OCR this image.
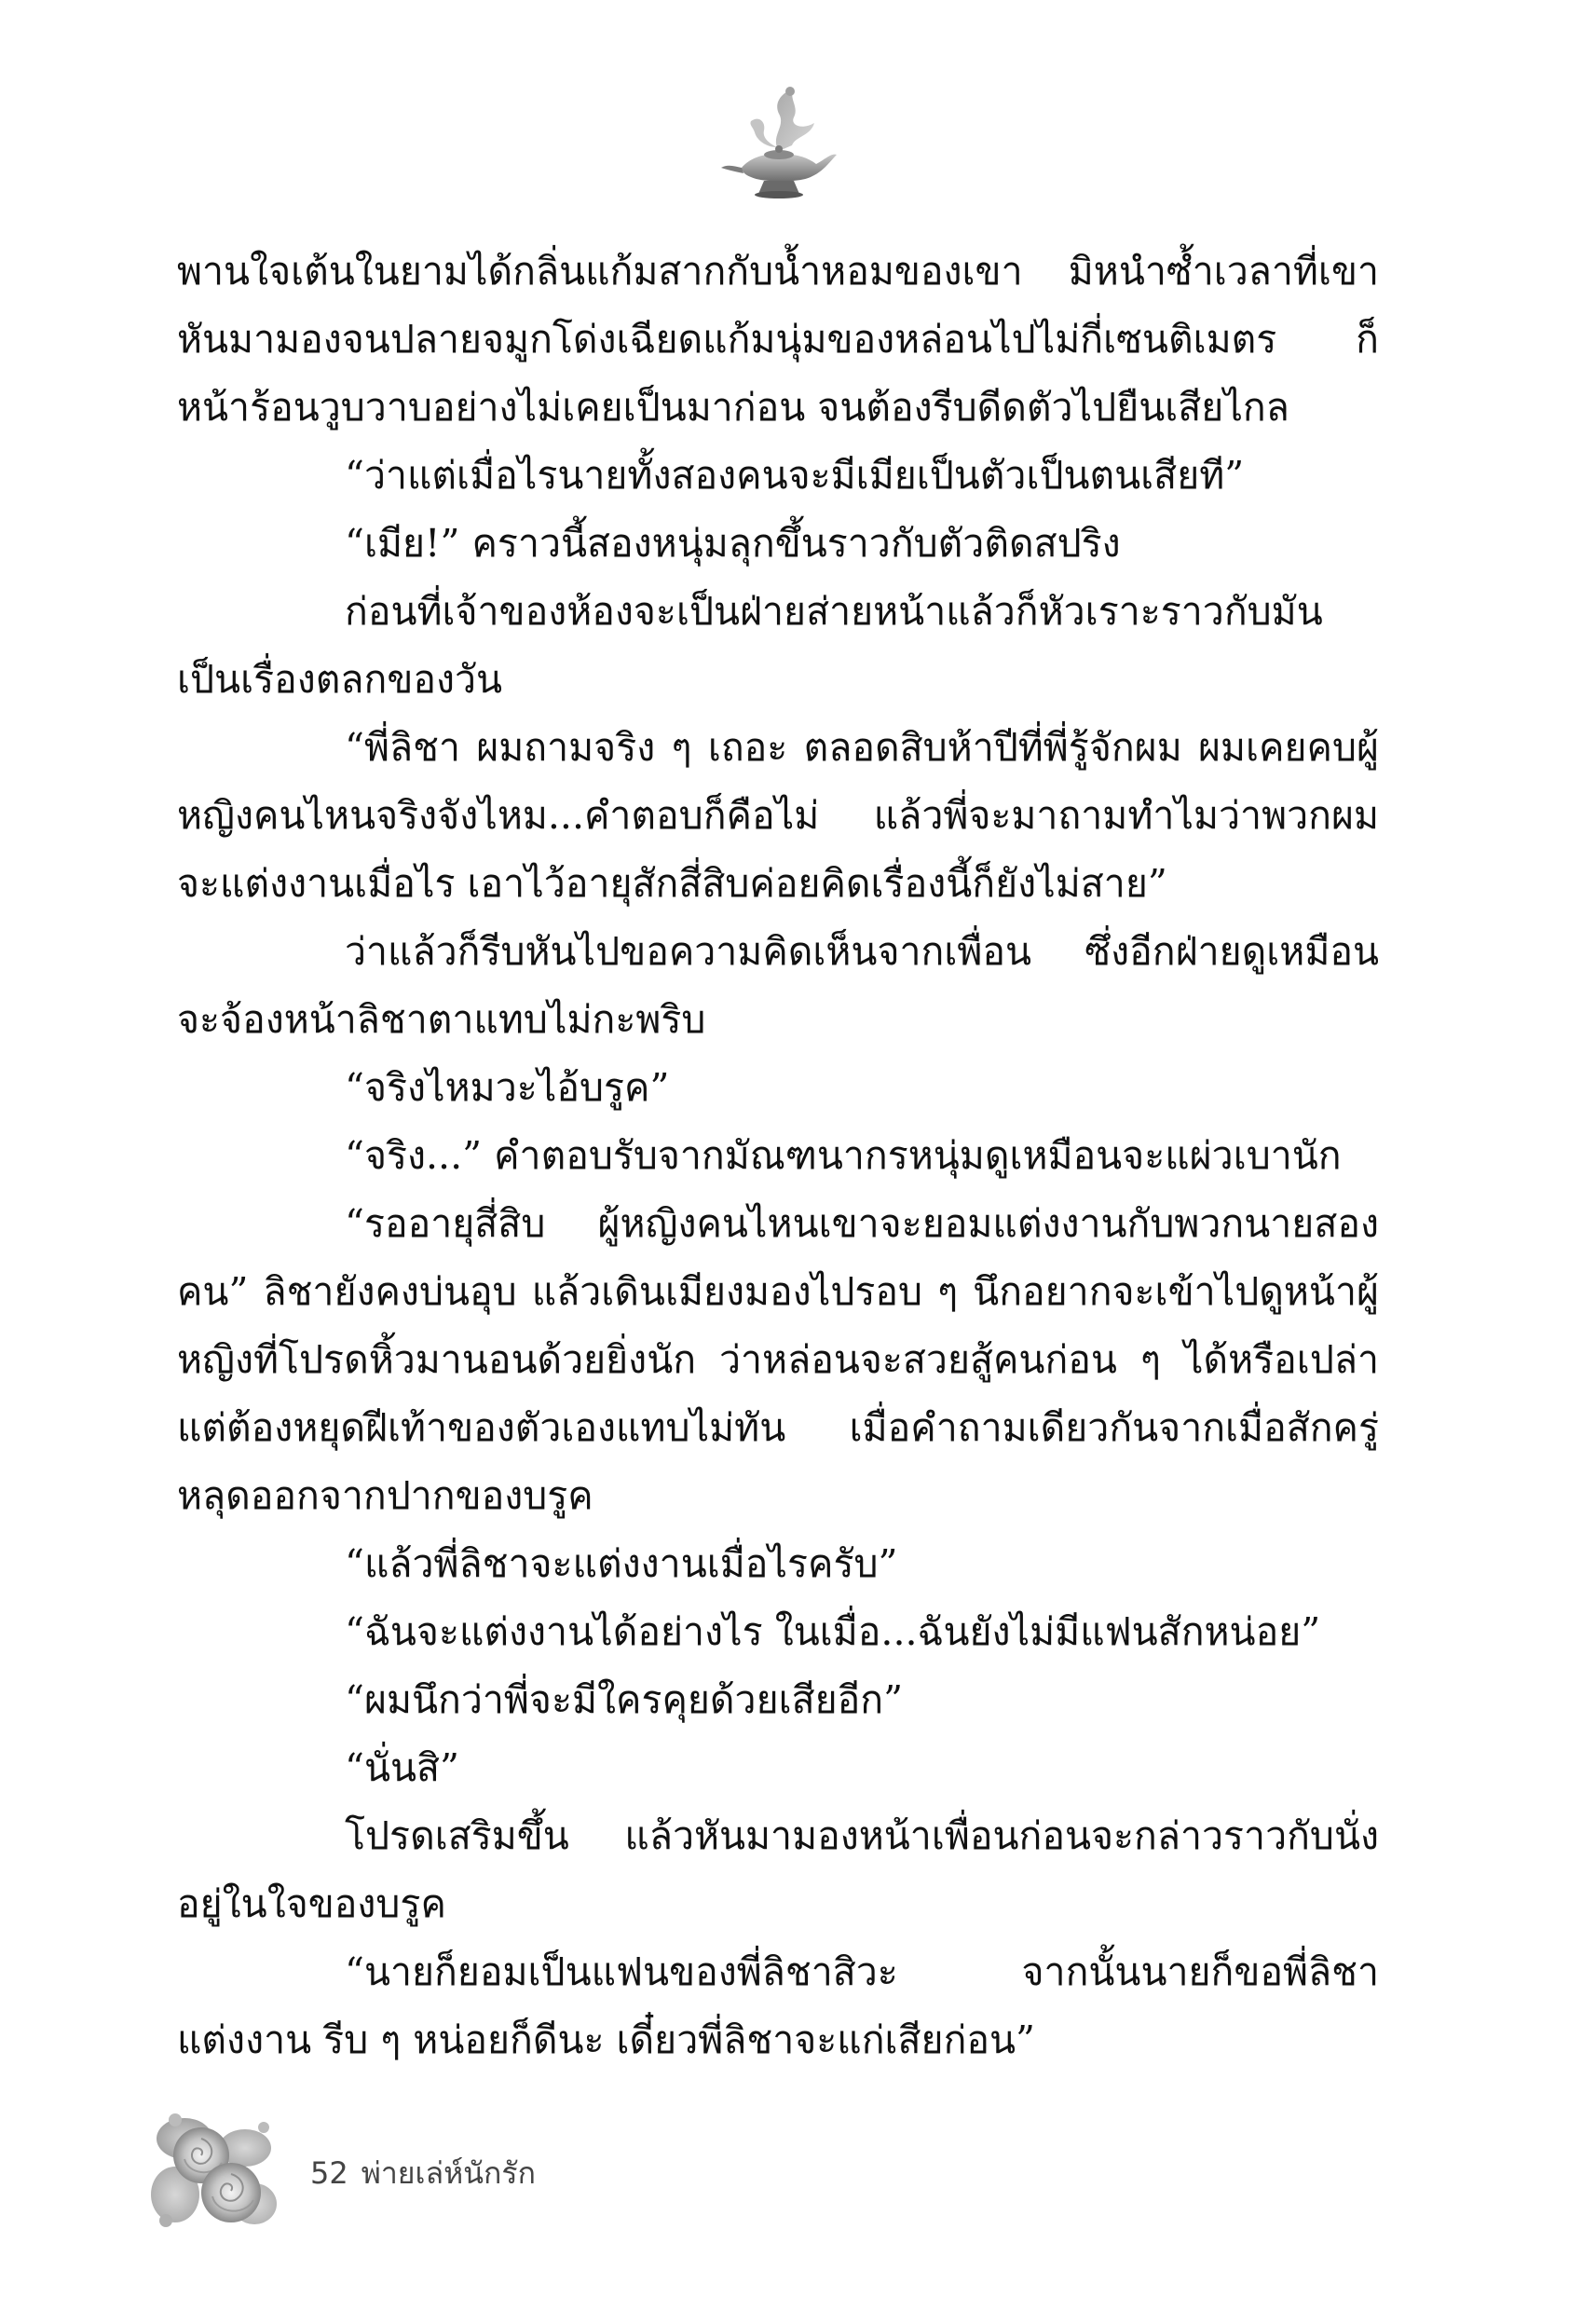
พานใจเต้นในยามได้กลิ่นแก้มสากกับน้ำหอมของเขา มิหนำซ้ำเวลาที่เขาหันมามองจนปลายจมูกโด่งเฉียดแก้มนุ่มของหล่อนไปไม่กี่เซนติเมตร ก็หน้าร้อนวูบวาบอย่างไม่เคยเป็นมาก่อน จนต้องรีบดีดตัวไปยืนเสียไกล

“ว่าแต่เมื่อไรนายทั้งสองคนจะมีเมียเป็นตัวเป็นตนเสียที”

“เมีย!” คราวนี้สองหนุ่มลุกขึ้นราวกับตัวติดสปริง

ก่อนที่เจ้าของห้องจะเป็นฝ่ายส่ายหน้าแล้วก็หัวเราะราวกับมันเป็นเรื่องตลกของวัน

“พี่ลิชา ผมถามจริง ๆ เถอะ ตลอดสิบห้าปีที่พี่รู้จักผม ผมเคยคบผู้หญิงคนไหนจริงจังไหม...คำตอบก็คือไม่ แล้วพี่จะมาถามทำไมว่าพวกผมจะแต่งงานเมื่อไร เอาไว้อายุสักสี่สิบค่อยคิดเรื่องนี้ก็ยังไม่สาย”

ว่าแล้วก็รีบหันไปขอความคิดเห็นจากเพื่อน ซึ่งอีกฝ่ายดูเหมือนจะจ้องหน้าลิชาตาแทบไม่กะพริบ

“จริงไหมวะไอ้บรูค”

“จริง...” คำตอบรับจากมัณฑนากรหนุ่มดูเหมือนจะแผ่วเบานัก

“รออายุสี่สิบ ผู้หญิงคนไหนเขาจะยอมแต่งงานกับพวกนายสองคน” ลิชายังคงบ่นอุบ แล้วเดินเมียงมองไปรอบ ๆ นึกอยากจะเข้าไปดูหน้าผู้หญิงที่โปรดหิ้วมานอนด้วยยิ่งนัก ว่าหล่อนจะสวยสู้คนก่อน ๆ ได้หรือเปล่า แต่ต้องหยุดฝีเท้าของตัวเองแทบไม่ทัน เมื่อคำถามเดียวกันจากเมื่อสักครู่หลุดออกจากปากของบรูค

“แล้วพี่ลิชาจะแต่งงานเมื่อไรครับ”

“ฉันจะแต่งงานได้อย่างไร ในเมื่อ...ฉันยังไม่มีแฟนสักหน่อย”

“ผมนึกว่าพี่จะมีใครคุยด้วยเสียอีก”

“นั่นสิ”

โปรดเสริมขึ้น แล้วหันมามองหน้าเพื่อนก่อนจะกล่าวราวกับนั่งอยู่ในใจของบรูค

“นายก็ยอมเป็นแฟนของพี่ลิชาสิวะ จากนั้นนายก็ขอพี่ลิชาแต่งงาน รีบ ๆ หน่อยก็ดีนะ เดี๋ยวพี่ลิชาจะแก่เสียก่อน”

52 พ่ายเล่ห์นักรัก
